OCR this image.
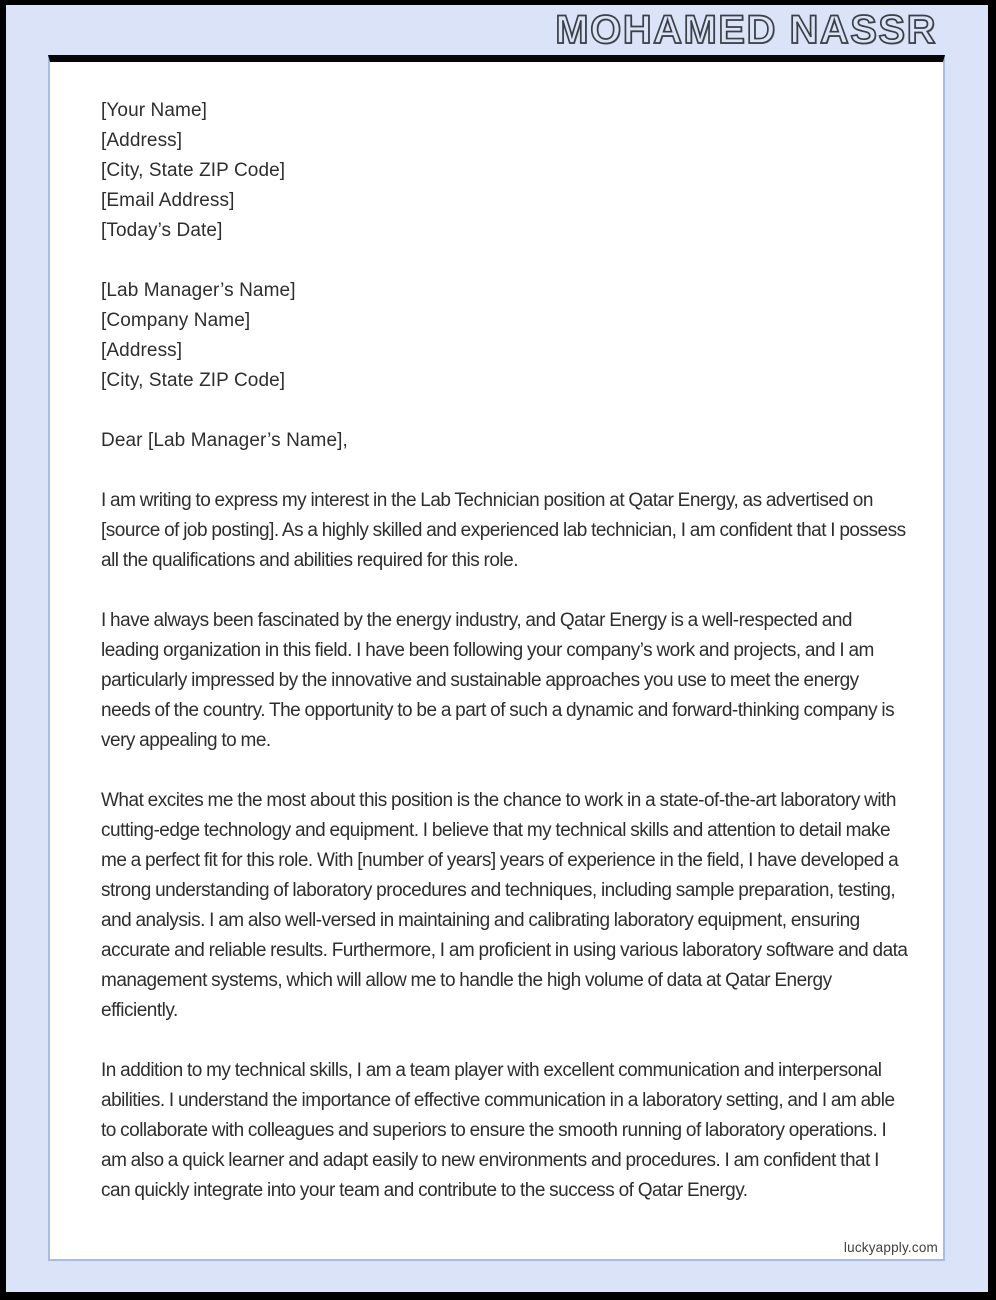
MOHAMED NASSR
[Your Name]
[Address]
[City, State ZIP Code]
[Email Address]
[Today’s Date]
[Lab Manager’s Name]
[Company Name]
[Address]
[City, State ZIP Code]

Dear [Lab Manager’s Name],

I am writing to express my interest in the Lab Technician position at Qatar Energy, as advertised on [source of job posting]. As a highly skilled and experienced lab technician, I am confident that I possess all the qualifications and abilities required for this role.

I have always been fascinated by the energy industry, and Qatar Energy is a well-respected and leading organization in this field. I have been following your company’s work and projects, and I am particularly impressed by the innovative and sustainable approaches you use to meet the energy needs of the country. The opportunity to be a part of such a dynamic and forward-thinking company is very appealing to me.

What excites me the most about this position is the chance to work in a state-of-the-art laboratory with cutting-edge technology and equipment. I believe that my technical skills and attention to detail make me a perfect fit for this role. With [number of years] years of experience in the field, I have developed a strong understanding of laboratory procedures and techniques, including sample preparation, testing, and analysis. I am also well-versed in maintaining and calibrating laboratory equipment, ensuring accurate and reliable results. Furthermore, I am proficient in using various laboratory software and data management systems, which will allow me to handle the high volume of data at Qatar Energy efficiently.

In addition to my technical skills, I am a team player with excellent communication and interpersonal abilities. I understand the importance of effective communication in a laboratory setting, and I am able to collaborate with colleagues and superiors to ensure the smooth running of laboratory operations. I am also a quick learner and adapt easily to new environments and procedures. I am confident that I can quickly integrate into your team and contribute to the success of Qatar Energy.

luckyapply.com
